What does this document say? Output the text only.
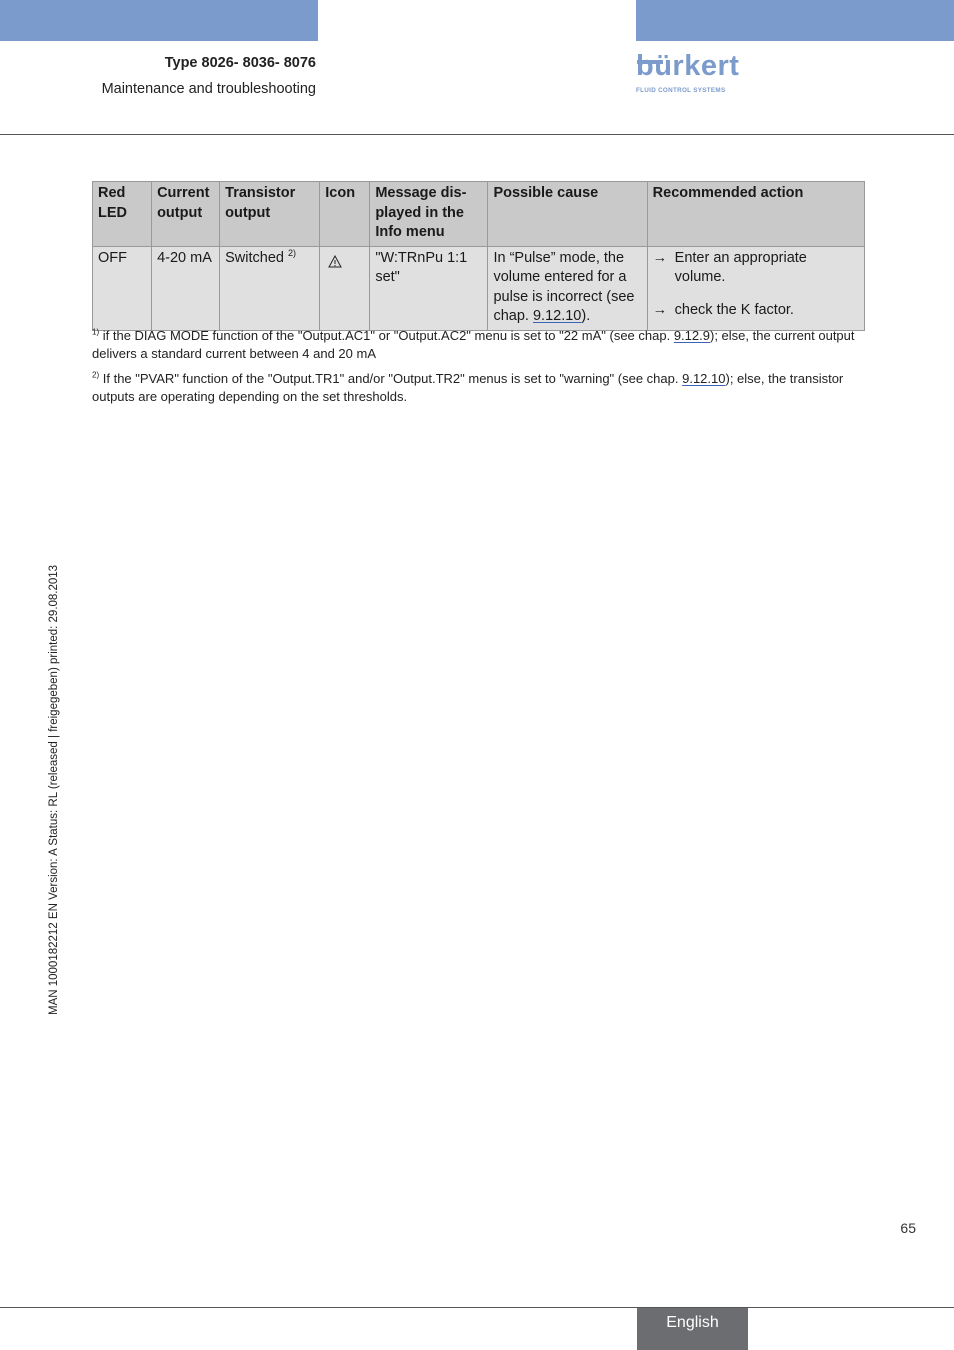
Type 8026- 8036- 8076
Maintenance and troubleshooting
bürkert
FLUID CONTROL SYSTEMS
Red LED	Current output	Transistor output	Icon	Message dis-played in the Info menu	Possible cause	Recommended action
OFF	4-20 mA	Switched $^{2)}$		"W:TRnPu 1:1 set"	In “Pulse” mode, the volume entered for a pulse is incorrect (see chap. 9.12.10).	→ Enter an appropriate volume.
→ check the K factor.
$^{1)}$ if the DIAG MODE function of the "Output.AC1" or "Output.AC2" menu is set to "22 mA" (see chap. 9.12.9); else, the current output delivers a standard current between 4 and 20 mA
$^{2)}$ If the "PVAR" function of the "Output.TR1" and/or "Output.TR2" menus is set to "warning" (see chap. 9.12.10); else, the transistor outputs are operating depending on the set thresholds.
MAN 1000182212 EN Version: A Status: RL (released | freigegeben) printed: 29.08.2013
65
English
